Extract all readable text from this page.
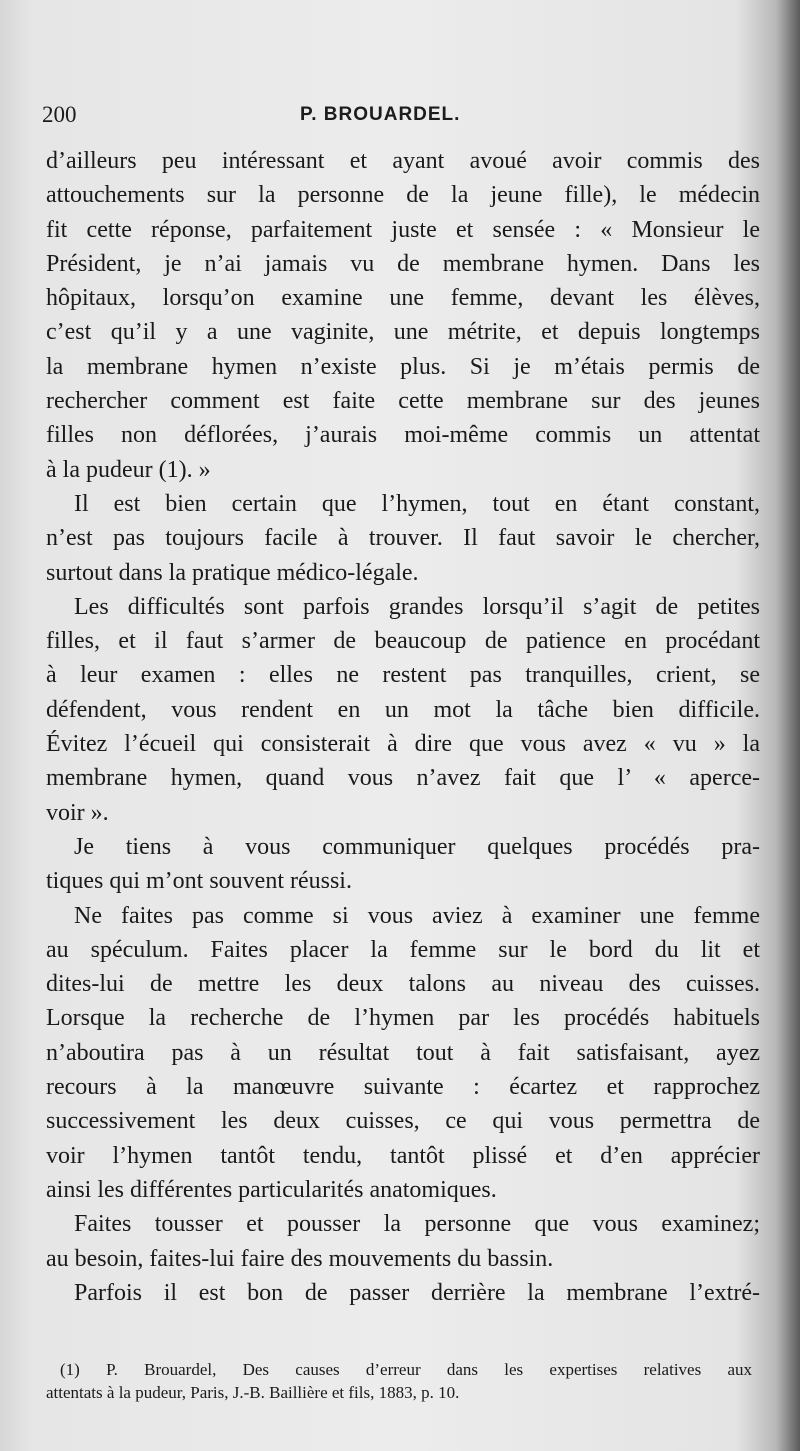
200	P. BROUARDEL.
d’ailleurs peu intéressant et ayant avoué avoir commis des
attouchements sur la personne de la jeune fille), le médecin
fit cette réponse, parfaitement juste et sensée : « Monsieur le
Président, je n’ai jamais vu de membrane hymen. Dans les
hôpitaux, lorsqu’on examine une femme, devant les élèves,
c’est qu’il y a une vaginite, une métrite, et depuis longtemps
la membrane hymen n’existe plus. Si je m’étais permis de
rechercher comment est faite cette membrane sur des jeunes
filles non déflorées, j’aurais moi-même commis un attentat
à la pudeur (1). »
Il est bien certain que l’hymen, tout en étant constant,
n’est pas toujours facile à trouver. Il faut savoir le chercher,
surtout dans la pratique médico-légale.
Les difficultés sont parfois grandes lorsqu’il s’agit de petites
filles, et il faut s’armer de beaucoup de patience en procédant
à leur examen : elles ne restent pas tranquilles, crient, se
défendent, vous rendent en un mot la tâche bien difficile.
Évitez l’écueil qui consisterait à dire que vous avez « vu » la
membrane hymen, quand vous n’avez fait que l’ « aperce-
voir ».
Je tiens à vous communiquer quelques procédés pra-
tiques qui m’ont souvent réussi.
Ne faites pas comme si vous aviez à examiner une femme
au spéculum. Faites placer la femme sur le bord du lit et
dites-lui de mettre les deux talons au niveau des cuisses.
Lorsque la recherche de l’hymen par les procédés habituels
n’aboutira pas à un résultat tout à fait satisfaisant, ayez
recours à la manœuvre suivante : écartez et rapprochez
successivement les deux cuisses, ce qui vous permettra de
voir l’hymen tantôt tendu, tantôt plissé et d’en apprécier
ainsi les différentes particularités anatomiques.
Faites tousser et pousser la personne que vous examinez;
au besoin, faites-lui faire des mouvements du bassin.
Parfois il est bon de passer derrière la membrane l’extré-
(1) P. Brouardel, Des causes d’erreur dans les expertises relatives aux
attentats à la pudeur, Paris, J.-B. Baillière et fils, 1883, p. 10.
